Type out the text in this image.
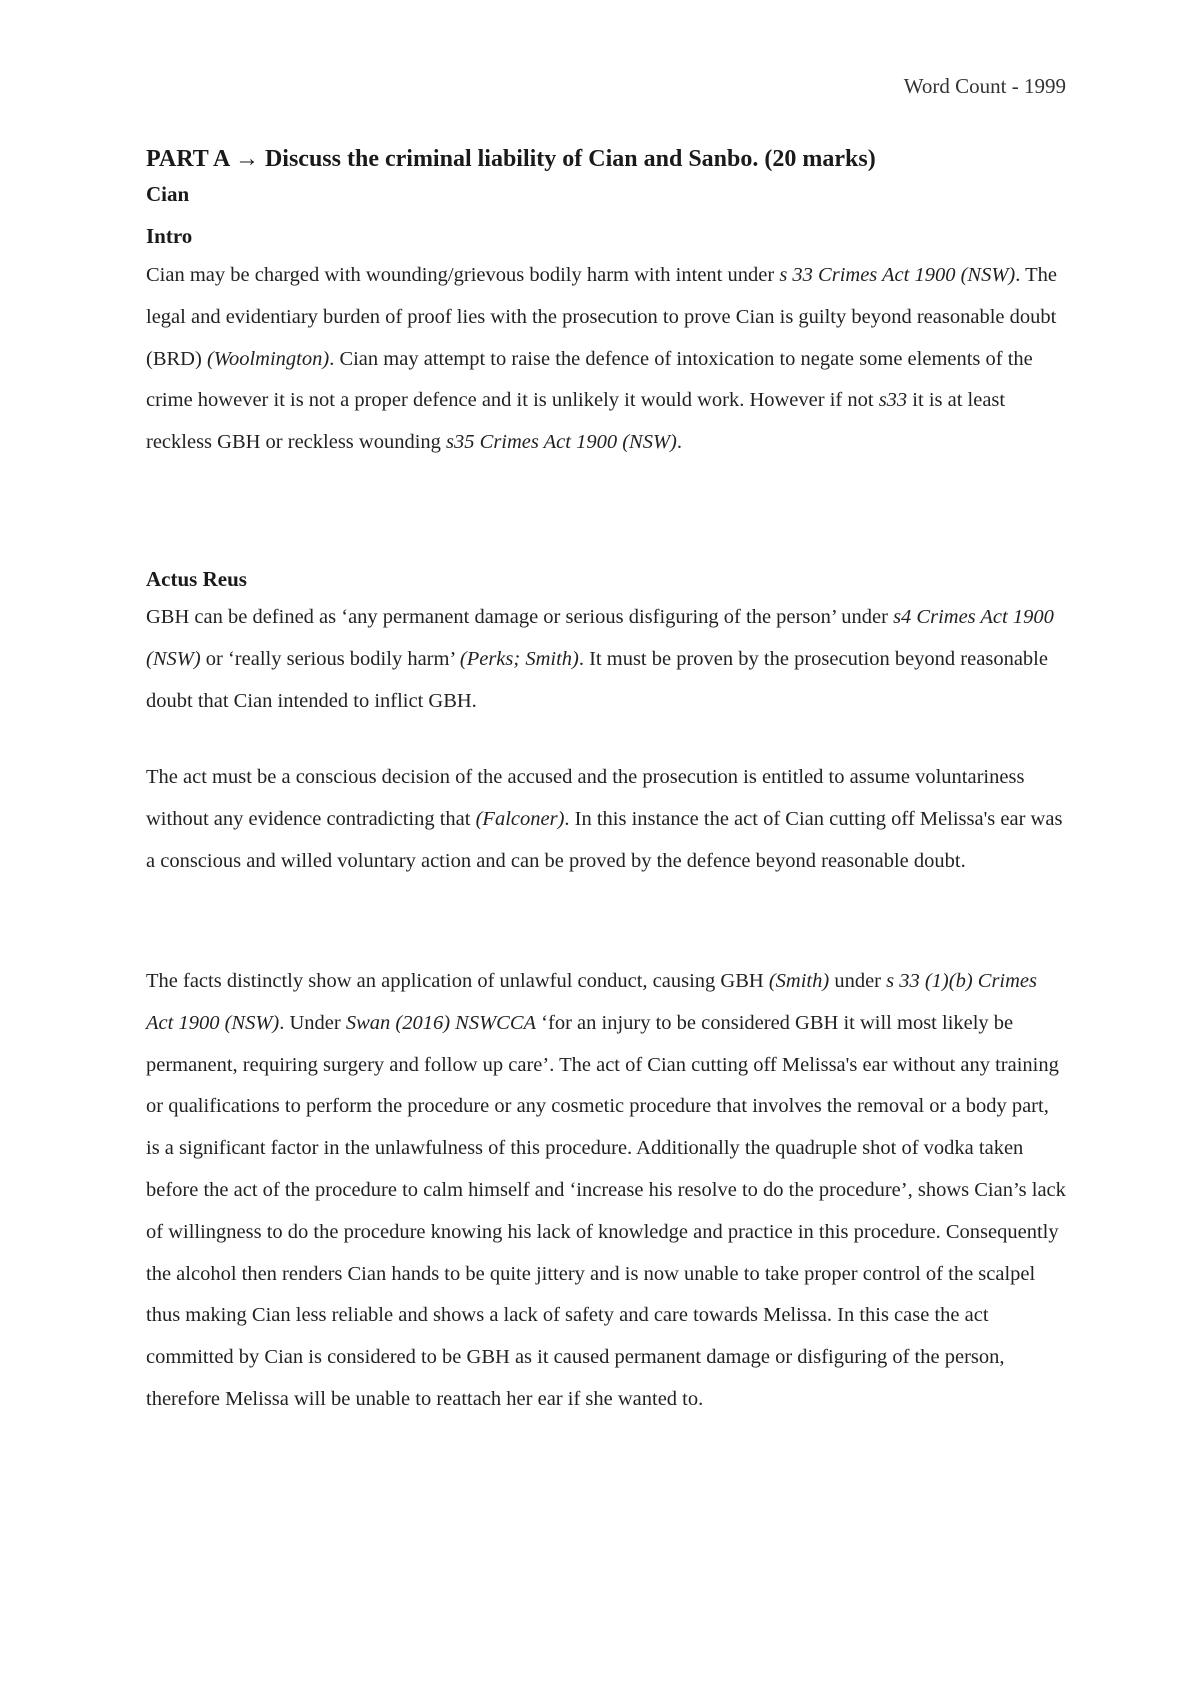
Word Count - 1999
PART A → Discuss the criminal liability of Cian and Sanbo. (20 marks)
Cian
Intro

Cian may be charged with wounding/grievous bodily harm with intent under s 33 Crimes Act 1900 (NSW). The legal and evidentiary burden of proof lies with the prosecution to prove Cian is guilty beyond reasonable doubt (BRD) (Woolmington). Cian may attempt to raise the defence of intoxication to negate some elements of the crime however it is not a proper defence and it is unlikely it would work. However if not s33 it is at least reckless GBH or reckless wounding s35 Crimes Act 1900 (NSW).

Actus Reus

GBH can be defined as ‘any permanent damage or serious disfiguring of the person’ under s4 Crimes Act 1900 (NSW) or ‘really serious bodily harm’ (Perks; Smith). It must be proven by the prosecution beyond reasonable doubt that Cian intended to inflict GBH.

The act must be a conscious decision of the accused and the prosecution is entitled to assume voluntariness without any evidence contradicting that (Falconer). In this instance the act of Cian cutting off Melissa's ear was a conscious and willed voluntary action and can be proved by the defence beyond reasonable doubt.

The facts distinctly show an application of unlawful conduct, causing GBH (Smith) under s 33 (1)(b) Crimes Act 1900 (NSW). Under Swan (2016) NSWCCA ‘for an injury to be considered GBH it will most likely be permanent, requiring surgery and follow up care’. The act of Cian cutting off Melissa's ear without any training or qualifications to perform the procedure or any cosmetic procedure that involves the removal or a body part, is a significant factor in the unlawfulness of this procedure. Additionally the quadruple shot of vodka taken before the act of the procedure to calm himself and ‘increase his resolve to do the procedure’, shows Cian’s lack of willingness to do the procedure knowing his lack of knowledge and practice in this procedure. Consequently the alcohol then renders Cian hands to be quite jittery and is now unable to take proper control of the scalpel thus making Cian less reliable and shows a lack of safety and care towards Melissa. In this case the act committed by Cian is considered to be GBH as it caused permanent damage or disfiguring of the person, therefore Melissa will be unable to reattach her ear if she wanted to.
